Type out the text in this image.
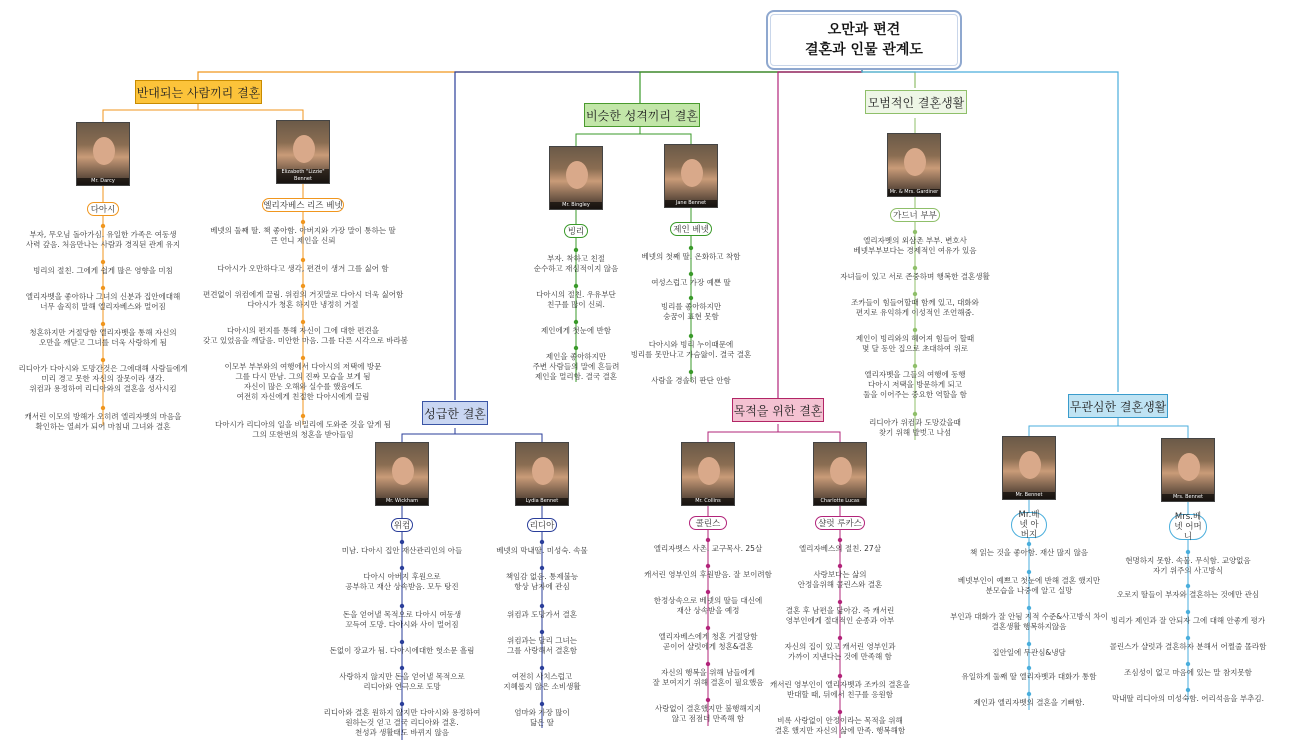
오만과 편견
결혼과 인물 관계도
반대되는 사람끼리 결혼
비슷한 성격끼리 결혼
모범적인 결혼생활
성급한 결혼	목적을 위한 결혼	무관심한 결혼생활
Mr. Darcy
Elizabeth "Lizzie" Bennet
Mr. Bingley	Jane Bennet
Mr. & Mrs. Gardiner
Mr. Wickham	Lydia Bennet	Mr. Collins	Charlotte Lucas
Mr. Bennet	Mrs. Bennet
다아시	엘리자베스 리즈 베넷
빙리	제인 베넷
가드너 부부
위컴	리디아	콜린스	샬럿 루카스
Mr.베넷 아버지
Mrs.베넷 어머니
부자, 무오님 돌아가심. 유일한 가족은 여동생
사력 갚음. 처음만나는 사람과 경직된 관계 유지
빙리의 절친. 그에게 쉽게 많은 영향을 미침
엘리자벳을 좋아하나 그녀의 신분과 집안에대해
너무 솔직히 말해 엘리자베스와 멀어짐
청혼하지만 거절당함 엘리자벳을 통해 자신의
오만을 깨닫고 그녀를 더욱 사랑하게 됨
리디아가 다아시와 도망간것은 그에대해 사람들에게
미리 경고 못한 자신의 잘못이라 생각.
위컴과 용정하여 리디아와의 결혼을 성사시킴
캐서린 이모의 방해가 오히려 엘리자벳의 마음을
확인하는 열쇠가 되어 마침내 그녀와 결혼
베넷의 둘째 딸. 책 좋아함. 아버지와 가장 말이 통하는 딸
큰 언니 제인을 신뢰
다아시가 오만하다고 생각, 편견이 생겨 그를 싫어 함
편견없이 위컴에게 끌림. 위컴의 거짓말로 다아시 더욱 싫어함
다아시가 청혼 하지만 냉정히 거절
다아시의 편지를 통해 자신이 그에 대한 편견을
갖고 있었음을 깨달음. 미안한 마음. 그를 다른 시각으로 바라봄
이모부 부부와의 여행에서 다아시의 저택에 방문
그를 다시 만남. 그의 진짜 모습을 보게 됨
자신이 많은 오해와 실수를 했음에도
여전히 자신에게 친절한 다아시에게 끌림
다아시가 리디아의 일을 비밀리에 도와준 것을 알게 됨
그의 또한번의 청혼을 받아들임
부자. 착하고 친절
순수하고 재심적이지 않음
다아시의 절친. 우유부단
친구를 많이 신뢰.
제인에게 첫눈에 반함
제인을 좋아하지만
주변 사람들의 말에 흔들려
제인을 멀리함. 결국 결혼
베넷의 첫째 딸. 온화하고 착함
여성스럽고 가장 예쁜 딸
빙리를 좋아하지만
숭꿈이 표현 못함
다아시와 빙리 누이때문에
빙리를 못만나고 가슴앓이. 결국 결혼
사람을 경솔히 판단 안함
엘리자벳의 외삼촌 부부. 변호사
베넷부부보다는 경제적인 여유가 있음
자녀들이 있고 서로 존중하며 행복한 결혼생활
조카들이 힘들어할때 함께 있고, 대화와
편지로 유익하게 이성적인 조언해줌.
제인이 빙리와의 헤어져 힘들어 할때
몇 달 동안 집으로 초대하여 위로
엘리자벳을 그들의 여행에 동행
다아시 저택을 방문하게 되고
둘을 이어주는 중요한 역할을 함
리디아가 위컴과 도망갔을때
찾기 위해 발벗고 나섬
미남. 다아시 집안 재산관리인의 아들
다아시 아버지 후원으로
공부하고 재산 상속받음. 모두 탕진
돈을 얻어낼 목적으로 다아시 여동생
꼬득여 도망. 다아시와 사이 멀어짐
돈없이 장교가 됨. 다아시에대한 헛소문 흘림
사랑하지 않지만 돈을 얻어낼 목적으로
리디아와 연극으로 도망
리디아와 결혼 원하지 않지만 다아시와 용정하여
원하는것 얻고 결국 리디아와 결혼.
천성과 생활태도 바뀌지 않음
베넷의 막내딸. 미성숙. 속물
책임감 없음. 통제불능
항상 남자에 관심
위컴과 도망가서 결혼
위컴과는 달리 그녀는
그를 사랑해서 결혼함
여전히 사치스럽고
지혜롭지 않은 소비생활
엄마와 가장 많이
닮은 딸
엘리자벳스 사촌. 교구목사. 25살
캐서린 영부인의 후원받음. 잘 보이려함
한정상속으로 베넷의 딸들 대신에
재산 상속받을 예정
엘리자베스에게 청혼 거절당함
곧이어 샬럿에게 청혼&결혼
자신의 행복을 위해 남들에게
잘 보여지기 위해 결혼이 필요했음
사랑없이 결혼했지만 불행해지지
않고 점점더 만족해 함
엘리자베스의 절친. 27살
사랑보다는 삶의
안정을위해 콜린스와 결혼
결혼 후 남편을 닮아감. 즉 캐서린
영부인에게 절대적인 순종과 아부
자신의 집이 있고 캐서린 영부인과
가까이 지낸다는 것에 만족해 함
캐서린 영부인이 엘리자벳과 조카의 결혼을
반대할 때, 뒤에서 친구를 응원함
비록 사랑없이 안정이라는 목적을 위해
결혼 했지만 자신의 삶에 만족. 행복해함
책 읽는 것을 좋아함. 재산 많지 않음
베넷부인이 예쁘고 첫눈에 반해 결혼 했지만
분모습을 나중에 알고 실망
부인과 대화가 잘 안됨 지적 수준&사고방식 차이
결혼생활 행복하지않음
집안일에 무관심&냉담
유일하게 둘째 딸 엘리자벳과 대화가 통함
제인과 엘리자벳의 결혼을 기뻐함.
현명하지 못함. 속물. 무식함. 교양없음
자기 위주의 사고방식
오로지 딸들이 부자와 결혼하는 것에만 관심
빙리가 제인과 잘 안되자 그에 대해 안좋게 평가
콜린스가 샬럿과 결혼하자 분해서 어쩔줄 몰라함
조심성이 없고 마음에 있는 말 참지못함
막내딸 리디아의 미성숙함. 어리석음을 부추김.
